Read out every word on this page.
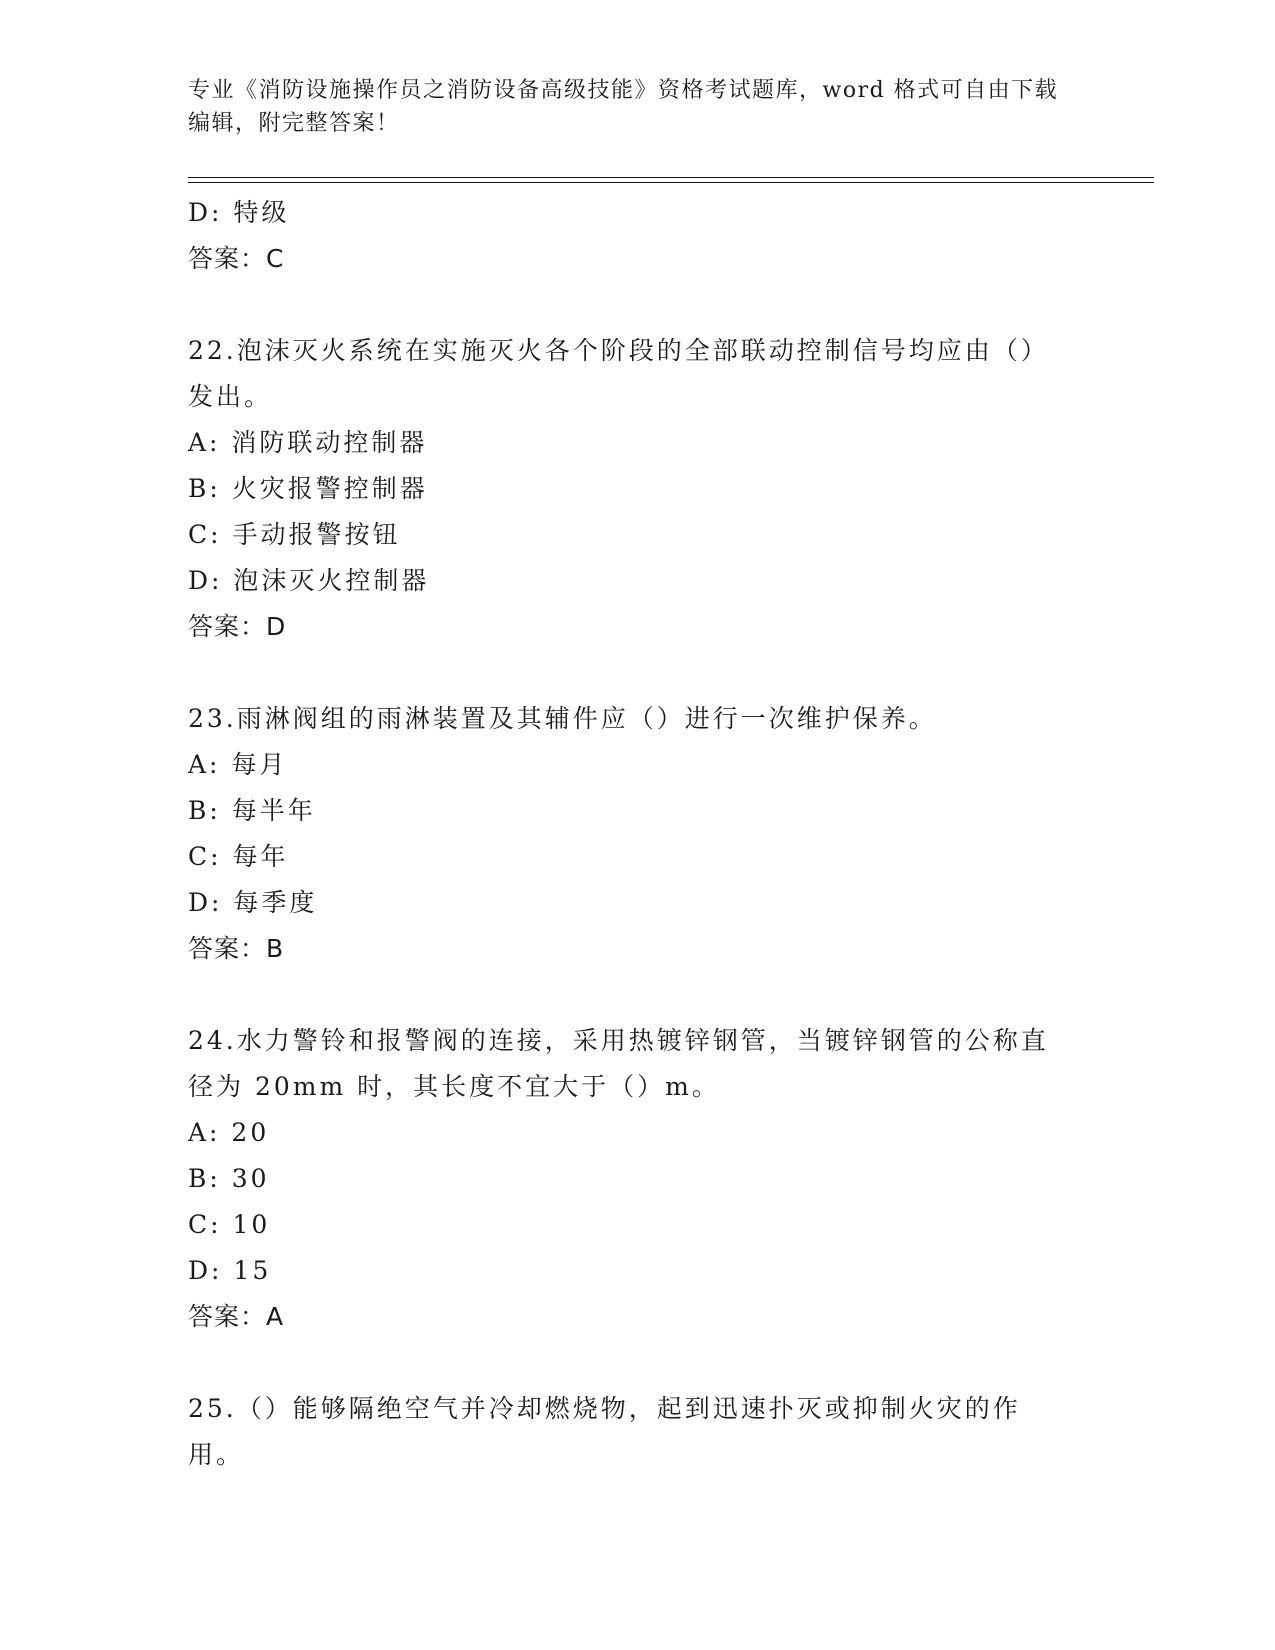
专业《消防设施操作员之消防设备高级技能》资格考试题库，word 格式可自由下载编辑，附完整答案！
D: 特级
答案：C
22.泡沫灭火系统在实施灭火各个阶段的全部联动控制信号均应由（）发出。
A: 消防联动控制器
B: 火灾报警控制器
C: 手动报警按钮
D: 泡沫灭火控制器
答案：D
23.雨淋阀组的雨淋装置及其辅件应（）进行一次维护保养。
A: 每月
B: 每半年
C: 每年
D: 每季度
答案：B
24.水力警铃和报警阀的连接，采用热镀锌钢管，当镀锌钢管的公称直径为 20mm 时，其长度不宜大于（）m。
A: 20
B: 30
C: 10
D: 15
答案：A
25.（）能够隔绝空气并冷却燃烧物，起到迅速扑灭或抑制火灾的作用。
